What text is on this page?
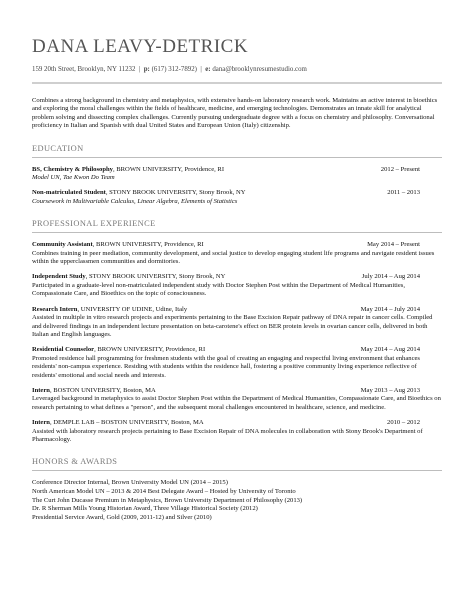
DANA LEAVY-DETRICK
159 20th Street, Brooklyn, NY 11232 | p: (617) 312-7892) | e: dana@brooklynresumestudio.com
Combines a strong background in chemistry and metaphysics, with extensive hands-on laboratory research work. Maintains an active interest in bioethics and exploring the moral challenges within the fields of healthcare, medicine, and emerging technologies. Demonstrates an innate skill for analytical problem solving and dissecting complex challenges. Currently pursuing undergraduate degree with a focus on chemistry and philosophy. Conversational proficiency in Italian and Spanish with dual United States and European Union (Italy) citizenship.
EDUCATION
BS, Chemistry & Philosophy, BROWN UNIVERSITY, Providence, RI	2012 – Present
Model UN, Tae Kwon Do Team
Non-matriculated Student, STONY BROOK UNIVERSITY, Stony Brook, NY	2011 – 2013
Coursework in Multivariable Calculus, Linear Algebra, Elements of Statistics
PROFESSIONAL EXPERIENCE
Community Assistant, BROWN UNIVERSITY, Providence, RI	May 2014 – Present
Combines training in peer mediation, community development, and social justice to develop engaging student life programs and navigate resident issues within the upperclassmen communities and dormitories.
Independent Study, STONY BROOK UNIVERSITY, Stony Brook, NY	July 2014 – Aug 2014
Participated in a graduate-level non-matriculated independent study with Doctor Stephen Post within the Department of Medical Humanities, Compassionate Care, and Bioethics on the topic of consciousness.
Research Intern, UNIVERSITY OF UDINE, Udine, Italy	May 2014 – July 2014
Assisted in multiple in vitro research projects and experiments pertaining to the Base Excision Repair pathway of DNA repair in cancer cells. Compiled and delivered findings in an independent lecture presentation on beta-carotene's effect on BER protein levels in ovarian cancer cells, delivered in both Italian and English languages.
Residential Counselor, BROWN UNIVERSITY, Providence, RI	May 2014 – Aug 2014
Promoted residence hall programming for freshmen students with the goal of creating an engaging and respectful living environment that enhances residents' non-campus experience. Residing with students within the residence hall, fostering a positive community living experience reflective of residents' emotional and social needs and interests.
Intern, BOSTON UNIVERSITY, Boston, MA	May 2013 – Aug 2013
Leveraged background in metaphysics to assist Doctor Stephen Post within the Department of Medical Humanities, Compassionate Care, and Bioethics on research pertaining to what defines a "person", and the subsequent moral challenges encountered in healthcare, science, and medicine.
Intern, DEMPLE LAB – BOSTON UNIVERSITY, Boston, MA	2010 – 2012
Assisted with laboratory research projects pertaining to Base Excision Repair of DNA molecules in collaboration with Stony Brook's Department of Pharmacology.
HONORS & AWARDS
Conference Director Internal, Brown University Model UN (2014 – 2015)
North American Model UN – 2013 & 2014 Best Delegate Award – Hosted by University of Toronto
The Curt John Ducasse Premium in Metaphysics, Brown University Department of Philosophy (2013)
Dr. R Sherman Mills Young Historian Award, Three Village Historical Society (2012)
Presidential Service Award, Gold (2009, 2011-12) and Silver (2010)
